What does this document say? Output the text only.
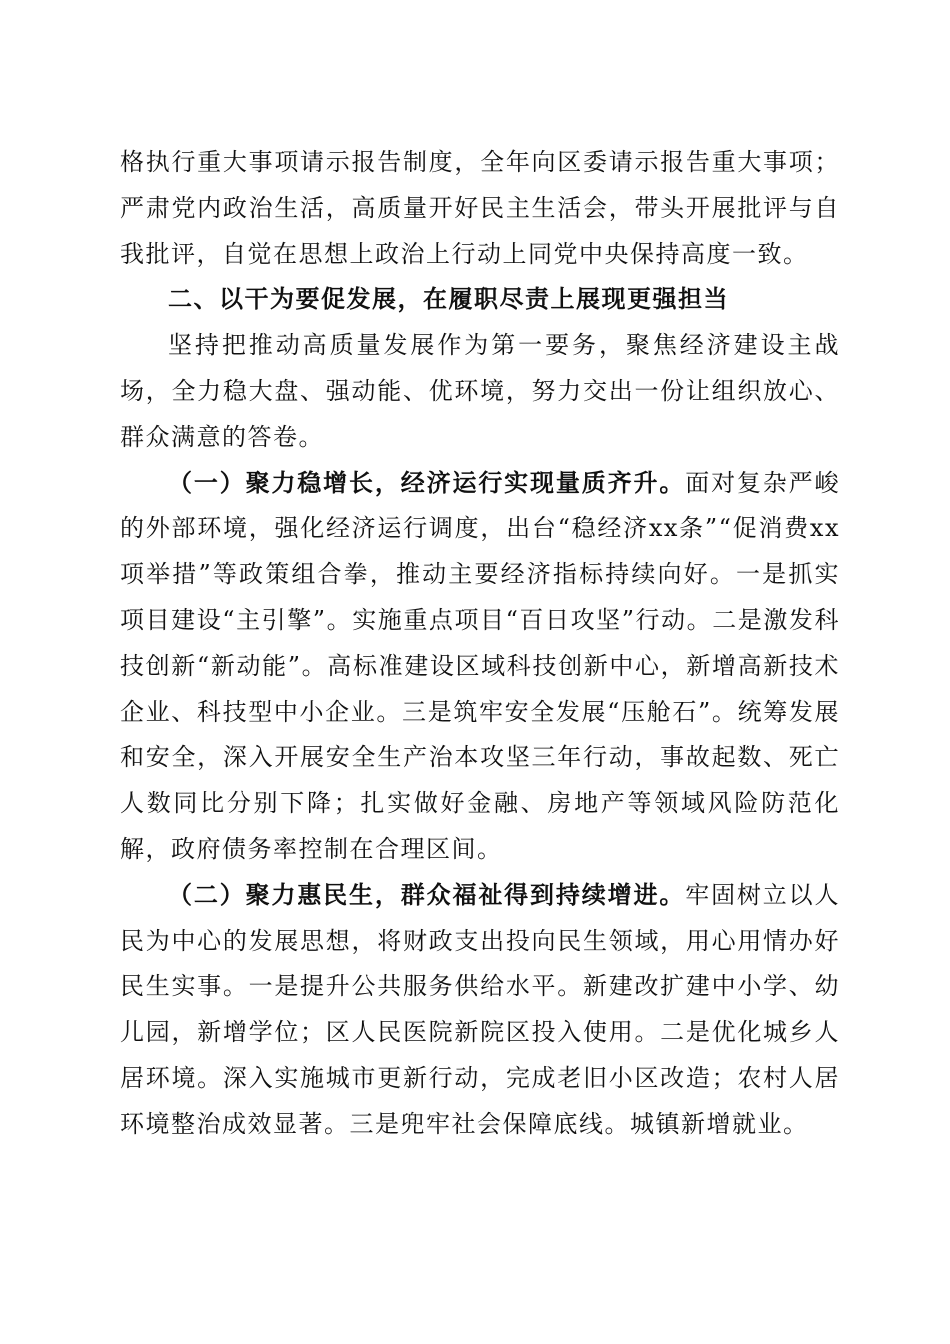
格执行重大事项请示报告制度，全年向区委请示报告重大事项；严肃党内政治生活，高质量开好民主生活会，带头开展批评与自我批评，自觉在思想上政治上行动上同党中央保持高度一致。

二、以干为要促发展，在履职尽责上展现更强担当

坚持把推动高质量发展作为第一要务，聚焦经济建设主战场，全力稳大盘、强动能、优环境，努力交出一份让组织放心、群众满意的答卷。

（一）聚力稳增长，经济运行实现量质齐升。面对复杂严峻的外部环境，强化经济运行调度，出台“稳经济xx条”“促消费xx项举措”等政策组合拳，推动主要经济指标持续向好。一是抓实项目建设“主引擎”。实施重点项目“百日攻坚”行动。二是激发科技创新“新动能”。高标准建设区域科技创新中心，新增高新技术企业、科技型中小企业。三是筑牢安全发展“压舱石”。统筹发展和安全，深入开展安全生产治本攻坚三年行动，事故起数、死亡人数同比分别下降；扎实做好金融、房地产等领域风险防范化解，政府债务率控制在合理区间。

（二）聚力惠民生，群众福祉得到持续增进。牢固树立以人民为中心的发展思想，将财政支出投向民生领域，用心用情办好民生实事。一是提升公共服务供给水平。新建改扩建中小学、幼儿园，新增学位；区人民医院新院区投入使用。二是优化城乡人居环境。深入实施城市更新行动，完成老旧小区改造；农村人居环境整治成效显著。三是兜牢社会保障底线。城镇新增就业。
